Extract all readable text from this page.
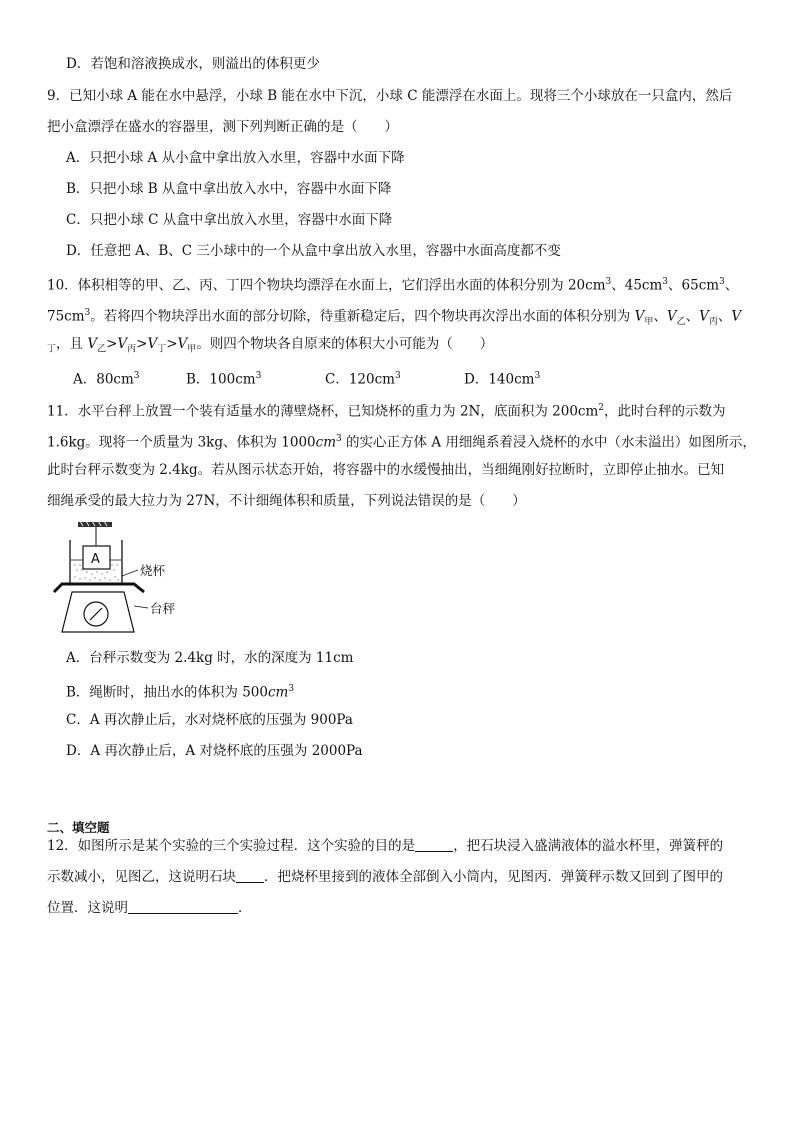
D．若饱和溶液换成水，则溢出的体积更少
9．已知小球 A 能在水中悬浮，小球 B 能在水中下沉，小球 C 能漂浮在水面上。现将三个小球放在一只盒内，然后
把小盒漂浮在盛水的容器里，测下列判断正确的是（　　）
A．只把小球 A 从小盒中拿出放入水里，容器中水面下降
B．只把小球 B 从盒中拿出放入水中，容器中水面下降
C．只把小球 C 从盒中拿出放入水里，容器中水面下降
D．任意把 A、B、C 三小球中的一个从盒中拿出放入水里，容器中水面高度都不变
10．体积相等的甲、乙、丙、丁四个物块均漂浮在水面上，它们浮出水面的体积分别为 $20cm^3$、$45cm^3$、$65cm^3$、
$75cm^3$。若将四个物块浮出水面的部分切除，待重新稳定后，四个物块再次浮出水面的体积分别为 $V_甲$、$V_乙$、$V_丙$、V
$_丁$，且 $V_乙>V_丙>V_丁>V_甲$。则四个物块各自原来的体积大小可能为（　　）
A．$80cm^3$	B．$100cm^3$	C．$120cm^3$	D．$140cm^3$
11．水平台秤上放置一个装有适量水的薄壁烧杯，已知烧杯的重力为 2N，底面积为 $200cm^2$，此时台秤的示数为
1.6kg。现将一个质量为 3kg、体积为 $1000cm^3$ 的实心正方体 A 用细绳系着浸入烧杯的水中（水未溢出）如图所示，
此时台秤示数变为 2.4kg。若从图示状态开始，将容器中的水缓慢抽出，当细绳刚好拉断时，立即停止抽水。已知
细绳承受的最大拉力为 27N，不计细绳体积和质量，下列说法错误的是（　　）
A
烧杯
台秤
A．台秤示数变为 2.4kg 时，水的深度为 11cm
B．绳断时，抽出水的体积为 $500cm^3$
C．A 再次静止后，水对烧杯底的压强为 900Pa
D．A 再次静止后，A 对烧杯底的压强为 2000Pa
二、填空题
12．如图所示是某个实验的三个实验过程．这个实验的目的是	，把石块浸入盛满液体的溢水杯里，弹簧秤的
示数减小，见图乙，这说明石块 ．把烧杯里接到的液体全部倒入小筒内，见图丙．弹簧秤示数又回到了图甲的
位置．这说明	．
